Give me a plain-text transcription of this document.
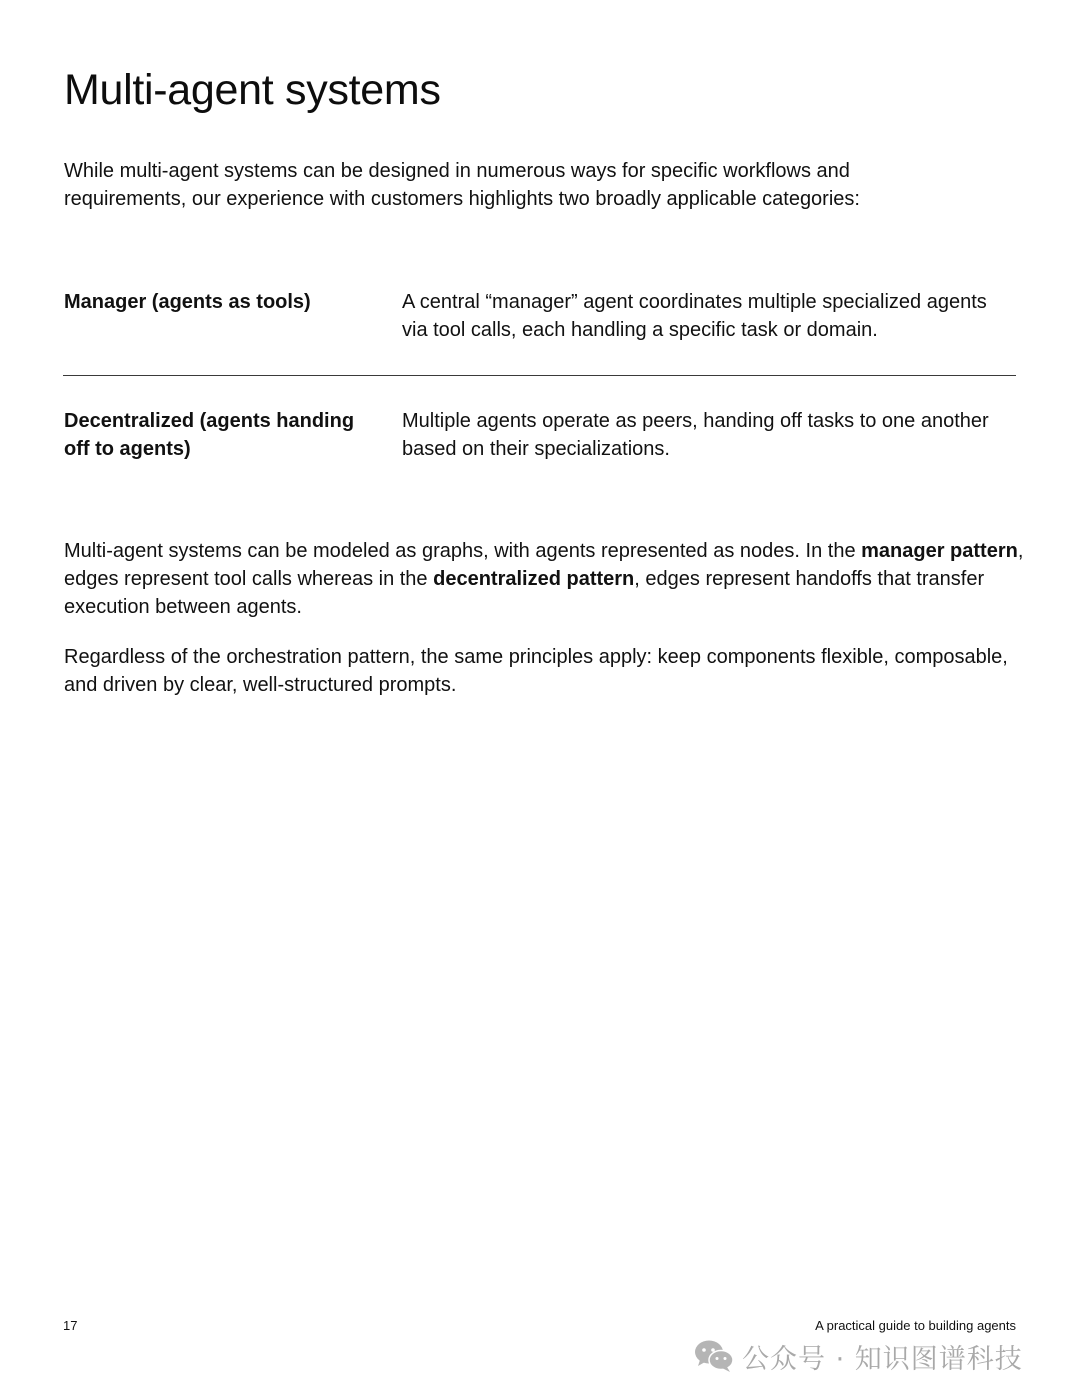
Multi-agent systems

While multi-agent systems can be designed in numerous ways for specific workflows and requirements, our experience with customers highlights two broadly applicable categories:

Manager (agents as tools)	A central “manager” agent coordinates multiple specialized agents via tool calls, each handling a specific task or domain.
Decentralized (agents handing off to agents)
Multiple agents operate as peers, handing off tasks to one another based on their specializations.

Multi-agent systems can be modeled as graphs, with agents represented as nodes. In the manager pattern, edges represent tool calls whereas in the decentralized pattern, edges represent handoffs that transfer execution between agents.

Regardless of the orchestration pattern, the same principles apply: keep components flexible, composable, and driven by clear, well-structured prompts.

17	A practical guide to building agents
公众号 · 知识图谱科技
